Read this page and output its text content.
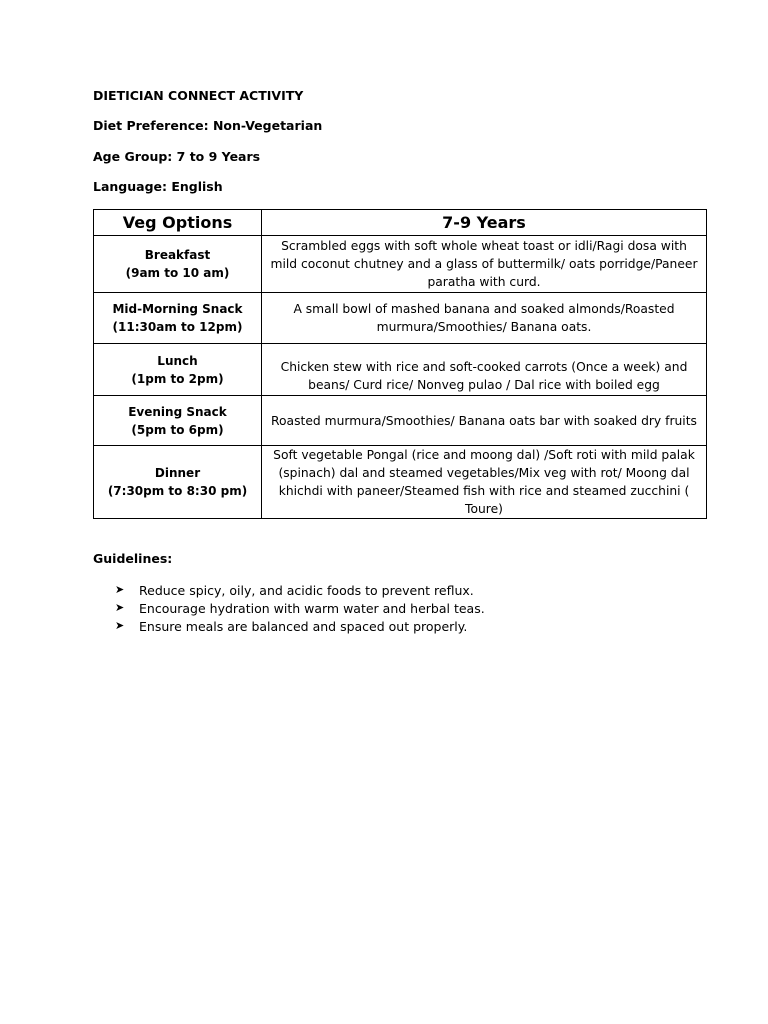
DIETICIAN CONNECT ACTIVITY
Diet Preference: Non-Vegetarian
Age Group: 7 to 9 Years
Language: English
Veg Options	7-9 Years

Breakfast
(9am to 10 am)	Scrambled eggs with soft whole wheat toast or idli/Ragi dosa with mild coconut chutney and a glass of buttermilk/ oats porridge/Paneer paratha with curd.

Mid-Morning Snack
(11:30am to 12pm)	A small bowl of mashed banana and soaked almonds/Roasted murmura/Smoothies/ Banana oats.

Lunch
(1pm to 2pm)	Chicken stew with rice and soft-cooked carrots (Once a week) and beans/ Curd rice/ Nonveg pulao / Dal rice with boiled egg

Evening Snack
(5pm to 6pm)	Roasted murmura/Smoothies/ Banana oats bar with soaked dry fruits

Dinner
(7:30pm to 8:30 pm)	Soft vegetable Pongal (rice and moong dal) /Soft roti with mild palak (spinach) dal and steamed vegetables/Mix veg with rot/ Moong dal khichdi with paneer/Steamed fish with rice and steamed zucchini ( Toure)
Guidelines:
➤	Reduce spicy, oily, and acidic foods to prevent reflux.
➤	Encourage hydration with warm water and herbal teas.
➤	Ensure meals are balanced and spaced out properly.
